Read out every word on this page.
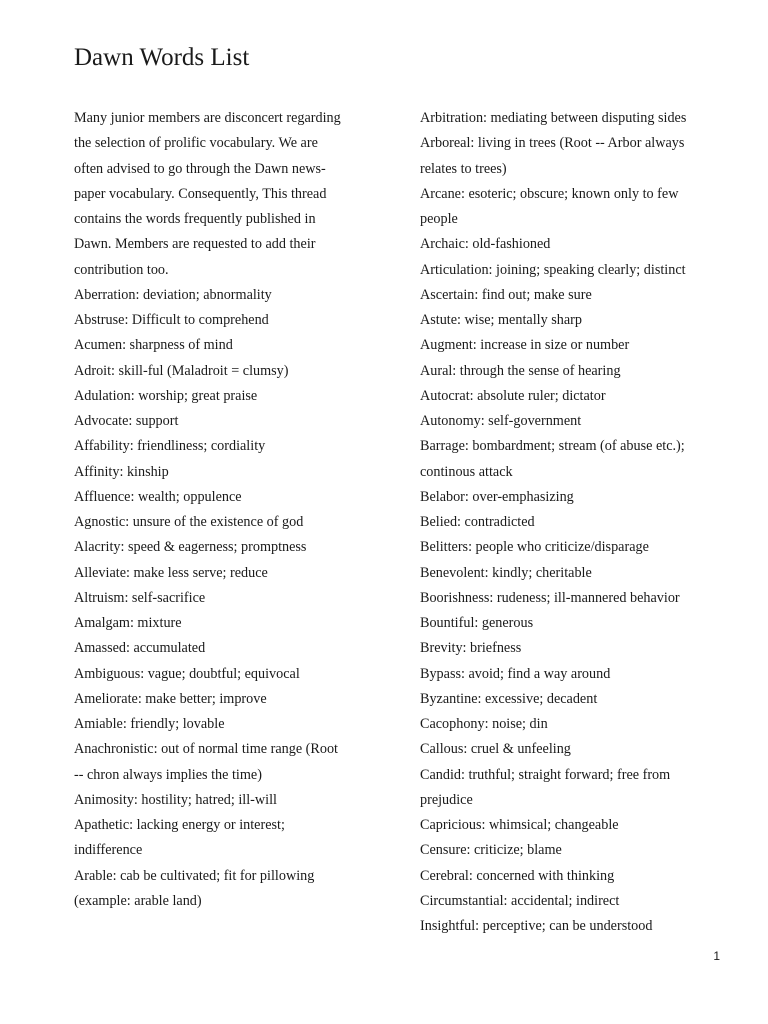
Dawn Words List
Many junior members are disconcert regarding
the selection of prolific vocabulary. We are
often advised to go through the Dawn news-
paper vocabulary. Consequently, This thread
contains the words frequently published in
Dawn. Members are requested to add their
contribution too.
Aberration: deviation; abnormality
Abstruse: Difficult to comprehend
Acumen: sharpness of mind
Adroit: skill-ful (Maladroit = clumsy)
Adulation: worship; great praise
Advocate: support
Affability: friendliness; cordiality
Affinity: kinship
Affluence: wealth; oppulence
Agnostic: unsure of the existence of god
Alacrity: speed & eagerness; promptness
Alleviate: make less serve; reduce
Altruism: self-sacrifice
Amalgam: mixture
Amassed: accumulated
Ambiguous: vague; doubtful; equivocal
Ameliorate: make better; improve
Amiable: friendly; lovable
Anachronistic: out of normal time range (Root
-- chron always implies the time)
Animosity: hostility; hatred; ill-will
Apathetic: lacking energy or interest;
indifference
Arable: cab be cultivated; fit for pillowing
(example: arable land)
Arbitration: mediating between disputing sides
Arboreal: living in trees (Root -- Arbor always
relates to trees)
Arcane: esoteric; obscure; known only to few
people
Archaic: old-fashioned
Articulation: joining; speaking clearly; distinct
Ascertain: find out; make sure
Astute: wise; mentally sharp
Augment: increase in size or number
Aural: through the sense of hearing
Autocrat: absolute ruler; dictator
Autonomy: self-government
Barrage: bombardment; stream (of abuse etc.);
continous attack
Belabor: over-emphasizing
Belied: contradicted
Belitters: people who criticize/disparage
Benevolent: kindly; cheritable
Boorishness: rudeness; ill-mannered behavior
Bountiful: generous
Brevity: briefness
Bypass: avoid; find a way around
Byzantine: excessive; decadent
Cacophony: noise; din
Callous: cruel & unfeeling
Candid: truthful; straight forward; free from
prejudice
Capricious: whimsical; changeable
Censure: criticize; blame
Cerebral: concerned with thinking
Circumstantial: accidental; indirect
Insightful: perceptive; can be understood
1
